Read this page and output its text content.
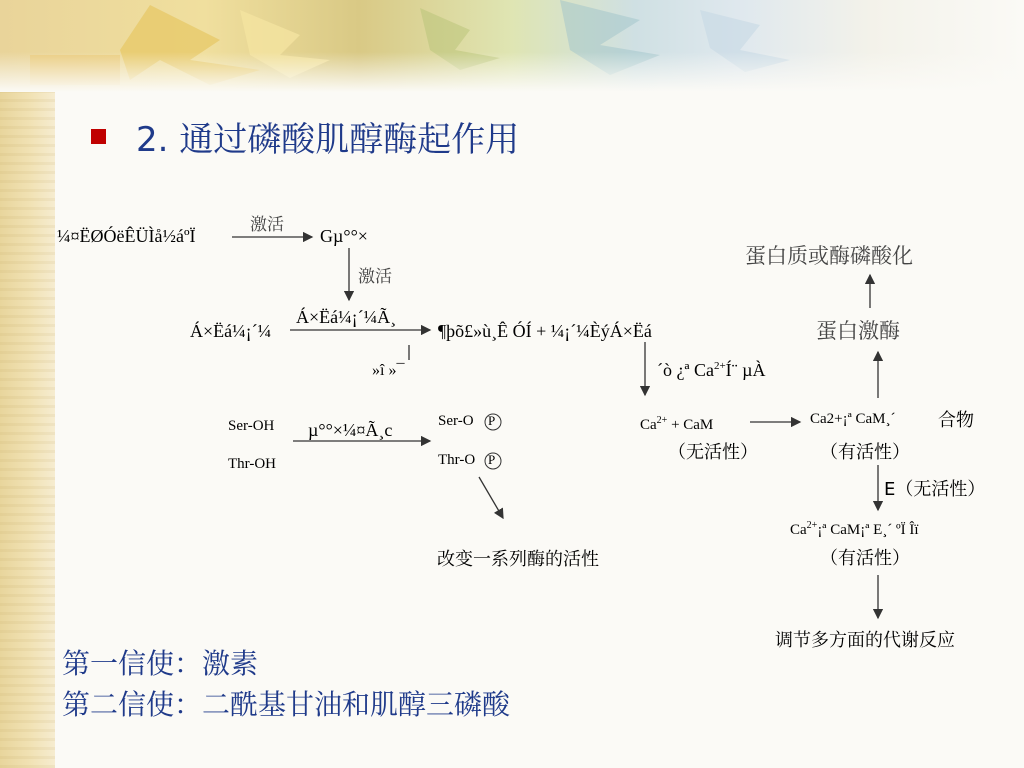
2. 通过磷酸肌醇酶起作用
¼¤ËØÓëÊÜÌå½áºÏ
激活
Gµ°°×
激活
Á×Ëá¼¡´¼
Á×Ëá¼¡´¼Ã¸
¶þõ£»ù¸Ê ÓÍ + ¼¡´¼ÈýÁ×Ëá
»î »¯
Ser-OH
Thr-OH
µ°°×¼¤Ã¸c	Ser-O P
Thr-O P
改变一系列酶的活性
´ò ¿ª $Ca^{2+}Í¨$ µÀ
$Ca^{2+}$ + CaM
（无活性）
Ca2+¡ª CaM¸´ 合物
（有活性）
E（无活性）
$Ca^{2+}¡ª$ CaM¡ª E¸´ ºÏ Îï
（有活性）
调节多方面的代谢反应
蛋白激酶
蛋白质或酶磷酸化
第一信使：激素
第二信使：二酰基甘油和肌醇三磷酸
